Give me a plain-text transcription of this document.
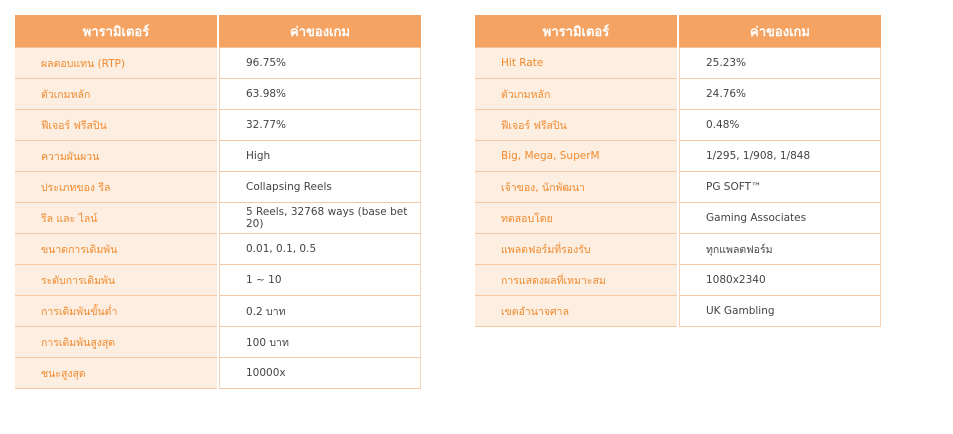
พารามิเตอร์	ค่าของเกม
ผลตอบแทน (RTP)	96.75%
ตัวเกมหลัก	63.98%
ฟีเจอร์ ฟรีสปิน	32.77%
ความผันผวน	High
ประเภทของ รีล	Collapsing Reels
รีล และ ไลน์	5 Reels, 32768 ways (base bet 20)
ขนาดการเดิมพัน	0.01, 0.1, 0.5
ระดับการเดิมพัน	1 ~ 10
การเดิมพันขั้นต่ำ	0.2 บาท
การเดิมพันสูงสุด	100 บาท
ชนะสูงสุด	10000x
พารามิเตอร์	ค่าของเกม
Hit Rate	25.23%
ตัวเกมหลัก	24.76%
ฟีเจอร์ ฟรีสปิน	0.48%
Big, Mega, SuperM	1/295, 1/908, 1/848
เจ้าของ, นักพัฒนา	PG SOFT™
ทดสอบโดย	Gaming Associates
แพลตฟอร์มที่รองรับ	ทุกแพลตฟอร์ม
การแสดงผลที่เหมาะสม	1080x2340
เขตอำนาจศาล	UK Gambling
